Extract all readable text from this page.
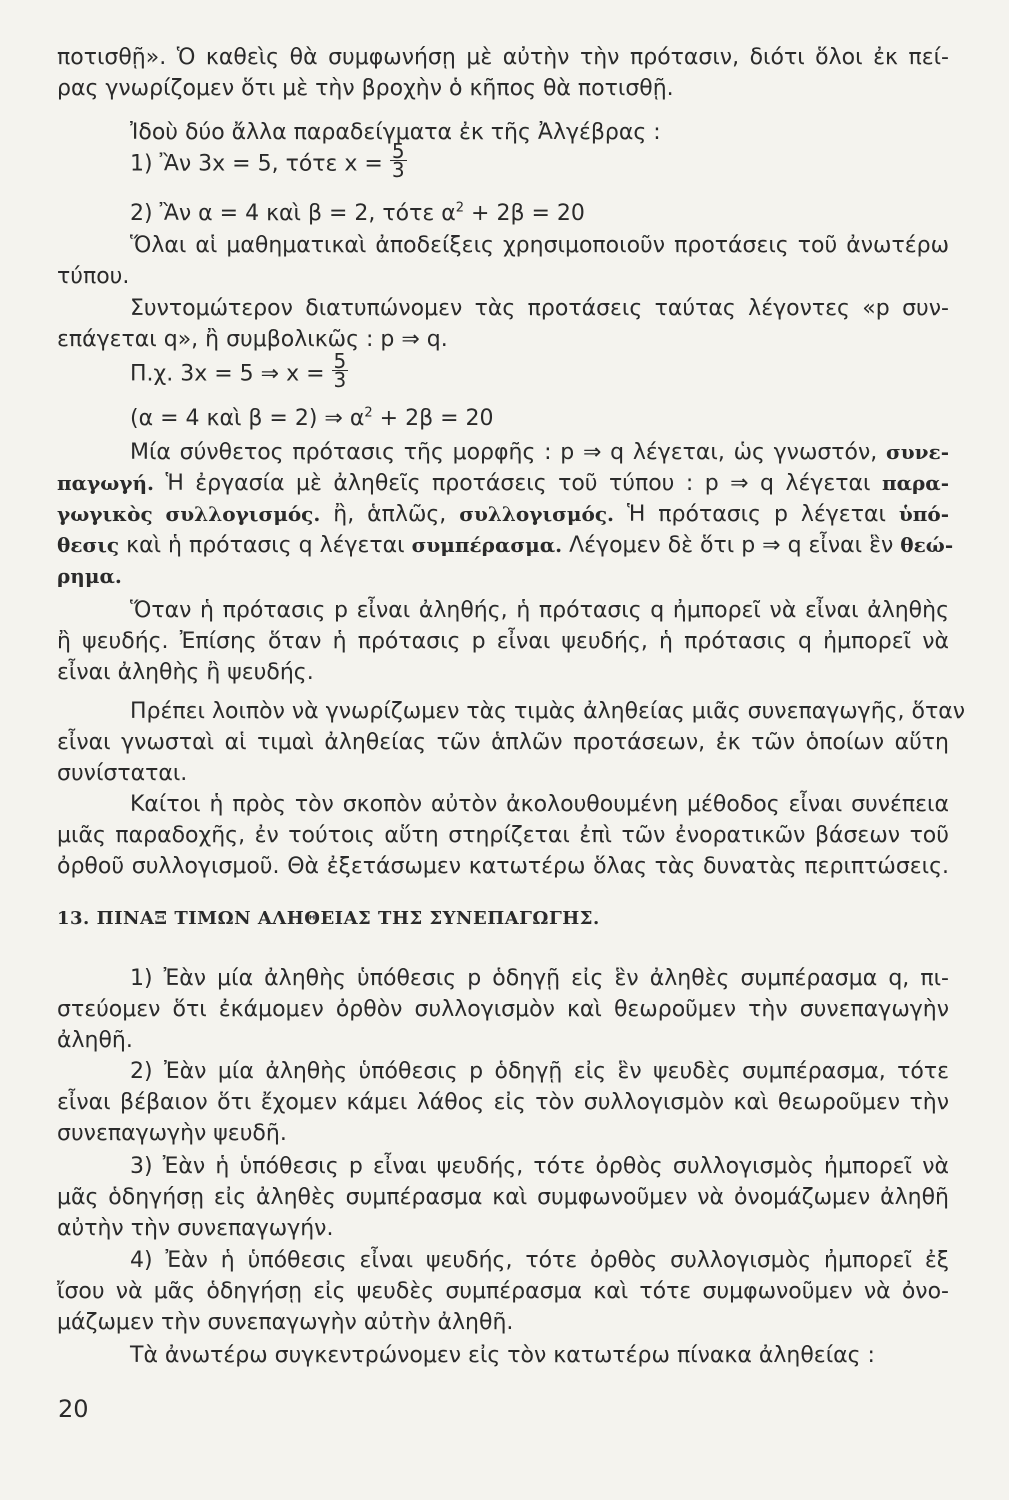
ποτισθῇ». Ὁ καθεὶς θὰ συμφωνήσῃ μὲ αὐτὴν τὴν πρότασιν, διότι ὅλοι ἐκ πεί-
ρας γνωρίζομεν ὅτι μὲ τὴν βροχὴν ὁ κῆπος θὰ ποτισθῇ.
Ἰδοὺ δύο ἄλλα παραδείγματα ἐκ τῆς Ἀλγέβρας :
1) Ἂν 3x = 5, τότε $x = \frac{5}{3}$
2) Ἂν α = 4 καὶ β = 2, τότε $\alpha^2 + 2\beta = 20$
Ὅλαι αἱ μαθηματικαὶ ἀποδείξεις χρησιμοποιοῦν προτάσεις τοῦ ἀνωτέρω
τύπου.
Συντομώτερον διατυπώνομεν τὰς προτάσεις ταύτας λέγοντες «p συν-
επάγεται q», ἢ συμβολικῶς : p ⇒ q.
Π.χ. 3x = 5 ⇒ $x = \frac{5}{3}$
(α = 4 καὶ β = 2) ⇒ $\alpha^2 + 2\beta = 20$
Μία σύνθετος πρότασις τῆς μορφῆς : p ⇒ q λέγεται, ὡς γνωστόν, συνε-
παγωγή. Ἡ ἐργασία μὲ ἀληθεῖς προτάσεις τοῦ τύπου : p ⇒ q λέγεται παρα-
γωγικὸς συλλογισμός. ἢ, ἁπλῶς, συλλογισμός. Ἡ πρότασις p λέγεται ὑπό-
θεσις καὶ ἡ πρότασις q λέγεται συμπέρασμα. Λέγομεν δὲ ὅτι p ⇒ q εἶναι ἓν θεώ-
ρημα.
Ὅταν ἡ πρότασις p εἶναι ἀληθής, ἡ πρότασις q ἠμπορεῖ νὰ εἶναι ἀληθὴς
ἢ ψευδής. Ἐπίσης ὅταν ἡ πρότασις p εἶναι ψευδής, ἡ πρότασις q ἠμπορεῖ νὰ
εἶναι ἀληθὴς ἢ ψευδής.
Πρέπει λοιπὸν νὰ γνωρίζωμεν τὰς τιμὰς ἀληθείας μιᾶς συνεπαγωγῆς, ὅταν
εἶναι γνωσταὶ αἱ τιμαὶ ἀληθείας τῶν ἁπλῶν προτάσεων, ἐκ τῶν ὁποίων αὕτη
συνίσταται.
Καίτοι ἡ πρὸς τὸν σκοπὸν αὐτὸν ἀκολουθουμένη μέθοδος εἶναι συνέπεια
μιᾶς παραδοχῆς, ἐν τούτοις αὕτη στηρίζεται ἐπὶ τῶν ἐνορατικῶν βάσεων τοῦ
ὀρθοῦ συλλογισμοῦ. Θὰ ἐξετάσωμεν κατωτέρω ὅλας τὰς δυνατὰς περιπτώσεις.
13. ΠΙΝΑΞ ΤΙΜΩΝ ΑΛΗΘΕΙΑΣ ΤΗΣ ΣΥΝΕΠΑΓΩΓΗΣ.
1) Ἐὰν μία ἀληθὴς ὑπόθεσις p ὁδηγῇ εἰς ἓν ἀληθὲς συμπέρασμα q, πι-
στεύομεν ὅτι ἐκάμομεν ὀρθὸν συλλογισμὸν καὶ θεωροῦμεν τὴν συνεπαγωγὴν
ἀληθῆ.
2) Ἐὰν μία ἀληθὴς ὑπόθεσις p ὁδηγῇ εἰς ἓν ψευδὲς συμπέρασμα, τότε
εἶναι βέβαιον ὅτι ἔχομεν κάμει λάθος εἰς τὸν συλλογισμὸν καὶ θεωροῦμεν τὴν
συνεπαγωγὴν ψευδῆ.
3) Ἐὰν ἡ ὑπόθεσις p εἶναι ψευδής, τότε ὀρθὸς συλλογισμὸς ἠμπορεῖ νὰ
μᾶς ὁδηγήσῃ εἰς ἀληθὲς συμπέρασμα καὶ συμφωνοῦμεν νὰ ὀνομάζωμεν ἀληθῆ
αὐτὴν τὴν συνεπαγωγήν.
4) Ἐὰν ἡ ὑπόθεσις εἶναι ψευδής, τότε ὀρθὸς συλλογισμὸς ἠμπορεῖ ἐξ
ἴσου νὰ μᾶς ὁδηγήσῃ εἰς ψευδὲς συμπέρασμα καὶ τότε συμφωνοῦμεν νὰ ὀνο-
μάζωμεν τὴν συνεπαγωγὴν αὐτὴν ἀληθῆ.
Τὰ ἀνωτέρω συγκεντρώνομεν εἰς τὸν κατωτέρω πίνακα ἀληθείας :
20
